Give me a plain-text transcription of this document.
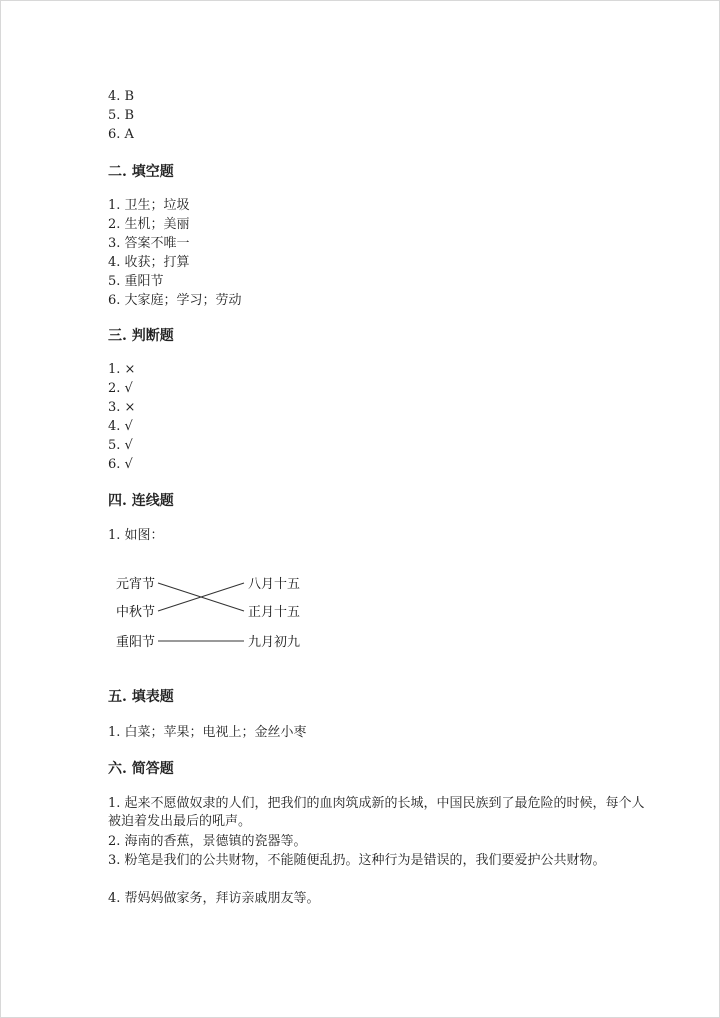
4. B
5. B
6. A
二. 填空题
1. 卫生；垃圾
2. 生机；美丽
3. 答案不唯一
4. 收获；打算
5. 重阳节
6. 大家庭；学习；劳动
三. 判断题
1. ×
2. √
3. ×
4. √
5. √
6. √
四. 连线题
1. 如图：
元宵节
中秋节
重阳节
八月十五
正月十五
九月初九
五. 填表题
1. 白菜；苹果；电视上；金丝小枣
六. 简答题
1. 起来不愿做奴隶的人们，把我们的血肉筑成新的长城，中国民族到了最危险的时候，每个人被迫着发出最后的吼声。
2. 海南的香蕉，景德镇的瓷器等。
3. 粉笔是我们的公共财物，不能随便乱扔。这种行为是错误的，我们要爱护公共财物。
4. 帮妈妈做家务，拜访亲戚朋友等。
